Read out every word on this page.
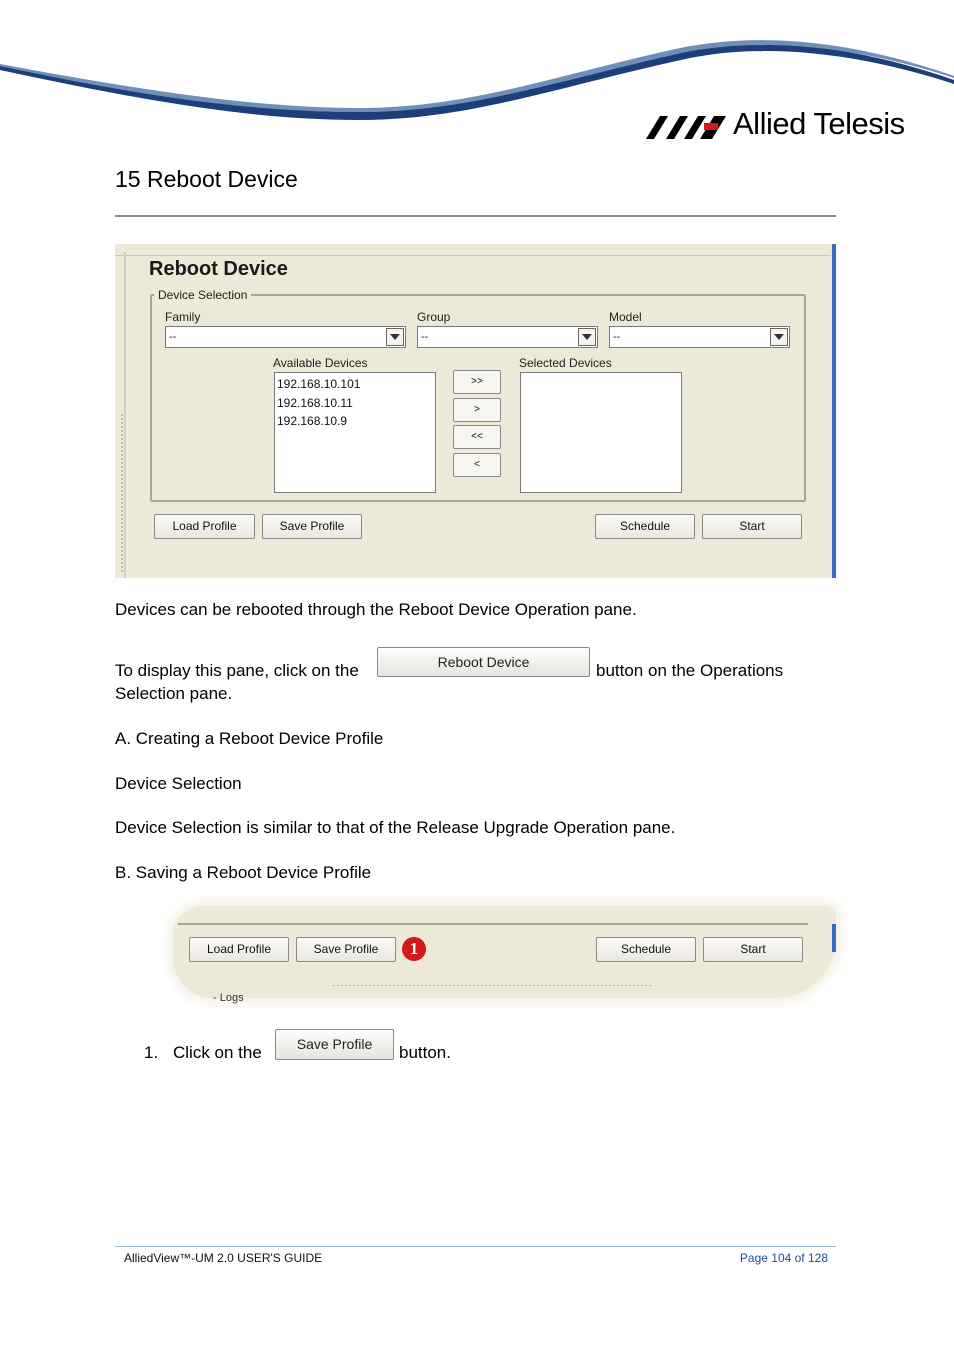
Allied Telesis
15 Reboot Device
Reboot Device
Device Selection
Family
--
Group
--
Model
--
Available Devices
192.168.10.101
192.168.10.11
192.168.10.9
>>
>
<<
<
Selected Devices
Load Profile	Save Profile	Schedule	Start
Devices can be rebooted through the Reboot Device Operation pane.
To display this pane, click on the	Reboot Device	button on the Operations
Selection pane.
A. Creating a Reboot Device Profile
Device Selection
Device Selection is similar to that of the Release Upgrade Operation pane.
B. Saving a Reboot Device Profile
Load Profile	Save Profile	1	Schedule	Start
- Logs
1. Click on the	Save Profile	button.
AlliedView™-UM 2.0 USER'S GUIDE	Page 104 of 128
